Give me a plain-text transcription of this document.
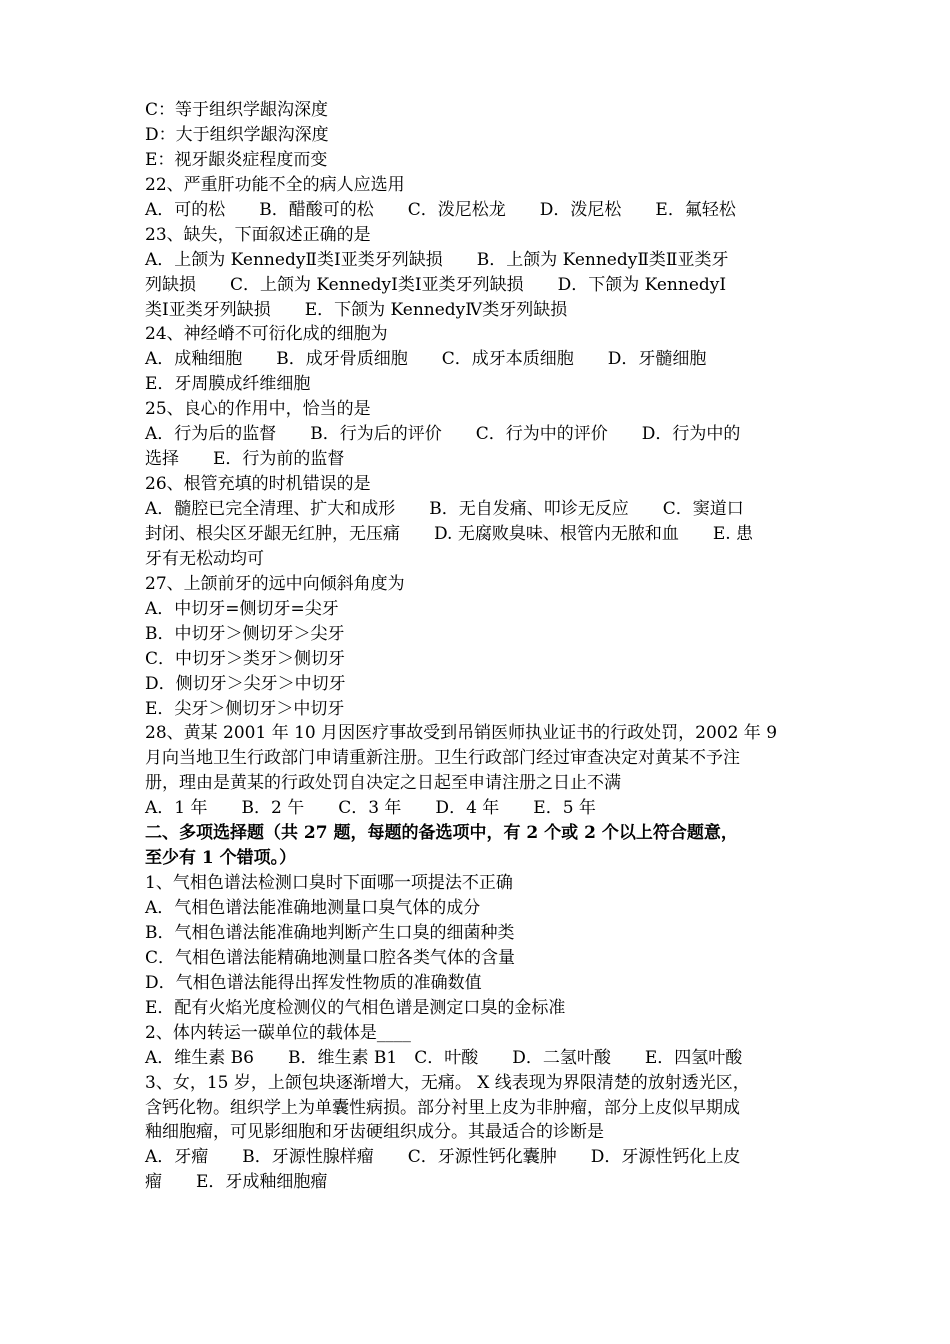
C：等于组织学龈沟深度
D：大于组织学龈沟深度
E：视牙龈炎症程度而变
22、严重肝功能不全的病人应选用
A．可的松　　B．醋酸可的松　　C．泼尼松龙　　D．泼尼松　　E．氟轻松
23、缺失，下面叙述正确的是
A．上颌为 KennedyⅡ类Ⅰ亚类牙列缺损　　B．上颌为 KennedyⅡ类Ⅱ亚类牙
列缺损　　C．上颌为 KennedyⅠ类Ⅰ亚类牙列缺损　　D．下颌为 KennedyⅠ
类Ⅰ亚类牙列缺损　　E．下颌为 KennedyⅣ类牙列缺损
24、神经嵴不可衍化成的细胞为
A．成釉细胞　　B．成牙骨质细胞　　C．成牙本质细胞　　D．牙髓细胞
E．牙周膜成纤维细胞
25、良心的作用中，恰当的是
A．行为后的监督　　B．行为后的评价　　C．行为中的评价　　D．行为中的
选择　　E．行为前的监督
26、根管充填的时机错误的是
A．髓腔已完全清理、扩大和成形　　B．无自发痛、叩诊无反应　　C．窦道口
封闭、根尖区牙龈无红肿，无压痛　　D. 无腐败臭味、根管内无脓和血　　E. 患
牙有无松动均可
27、上颌前牙的远中向倾斜角度为
A．中切牙=侧切牙=尖牙
B．中切牙＞侧切牙＞尖牙
C．中切牙＞类牙＞侧切牙
D．侧切牙＞尖牙＞中切牙
E．尖牙＞侧切牙＞中切牙
28、黄某 2001 年 10 月因医疗事故受到吊销医师执业证书的行政处罚，2002 年 9
月向当地卫生行政部门申请重新注册。卫生行政部门经过审查决定对黄某不予注
册，理由是黄某的行政处罚自决定之日起至申请注册之日止不满
A．1 年　　B．2 午　　C．3 年　　D．4 年　　E．5 年
二、多项选择题（共 27 题，每题的备选项中，有 2 个或 2 个以上符合题意，
至少有 1 个错项。）
1、气相色谱法检测口臭时下面哪一项提法不正确
A．气相色谱法能准确地测量口臭气体的成分
B．气相色谱法能准确地判断产生口臭的细菌种类
C．气相色谱法能精确地测量口腔各类气体的含量
D．气相色谱法能得出挥发性物质的准确数值
E．配有火焰光度检测仪的气相色谱是测定口臭的金标准
2、体内转运一碳单位的载体是____
A．维生素 B6　　B．维生素 B1　C．叶酸　　D．二氢叶酸　　E．四氢叶酸
3、女，15 岁，上颌包块逐渐增大，无痛。 X 线表现为界限清楚的放射透光区，
含钙化物。组织学上为单囊性病损。部分衬里上皮为非肿瘤，部分上皮似早期成
釉细胞瘤，可见影细胞和牙齿硬组织成分。其最适合的诊断是
A．牙瘤　　B．牙源性腺样瘤　　C．牙源性钙化囊肿　　D．牙源性钙化上皮
瘤　　E．牙成釉细胞瘤
